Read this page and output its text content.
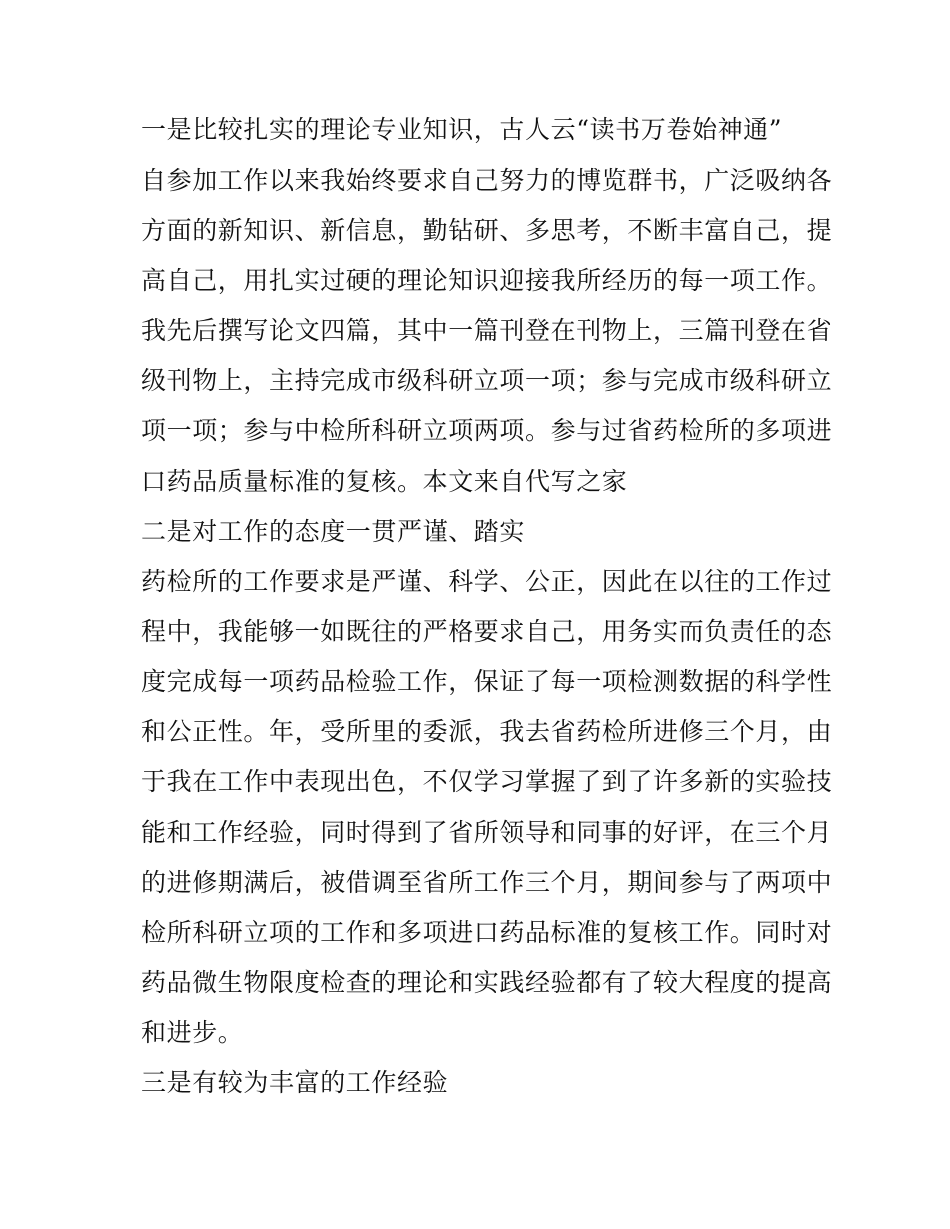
一是比较扎实的理论专业知识，古人云“读书万卷始神通”
自参加工作以来我始终要求自己努力的博览群书，广泛吸纳各
方面的新知识、新信息，勤钻研、多思考，不断丰富自己，提
高自己，用扎实过硬的理论知识迎接我所经历的每一项工作。
我先后撰写论文四篇，其中一篇刊登在刊物上，三篇刊登在省
级刊物上，主持完成市级科研立项一项；参与完成市级科研立
项一项；参与中检所科研立项两项。参与过省药检所的多项进
口药品质量标准的复核。本文来自代写之家
二是对工作的态度一贯严谨、踏实
药检所的工作要求是严谨、科学、公正，因此在以往的工作过
程中，我能够一如既往的严格要求自己，用务实而负责任的态
度完成每一项药品检验工作，保证了每一项检测数据的科学性
和公正性。年，受所里的委派，我去省药检所进修三个月，由
于我在工作中表现出色，不仅学习掌握了到了许多新的实验技
能和工作经验，同时得到了省所领导和同事的好评，在三个月
的进修期满后，被借调至省所工作三个月，期间参与了两项中
检所科研立项的工作和多项进口药品标准的复核工作。同时对
药品微生物限度检查的理论和实践经验都有了较大程度的提高
和进步。
三是有较为丰富的工作经验
